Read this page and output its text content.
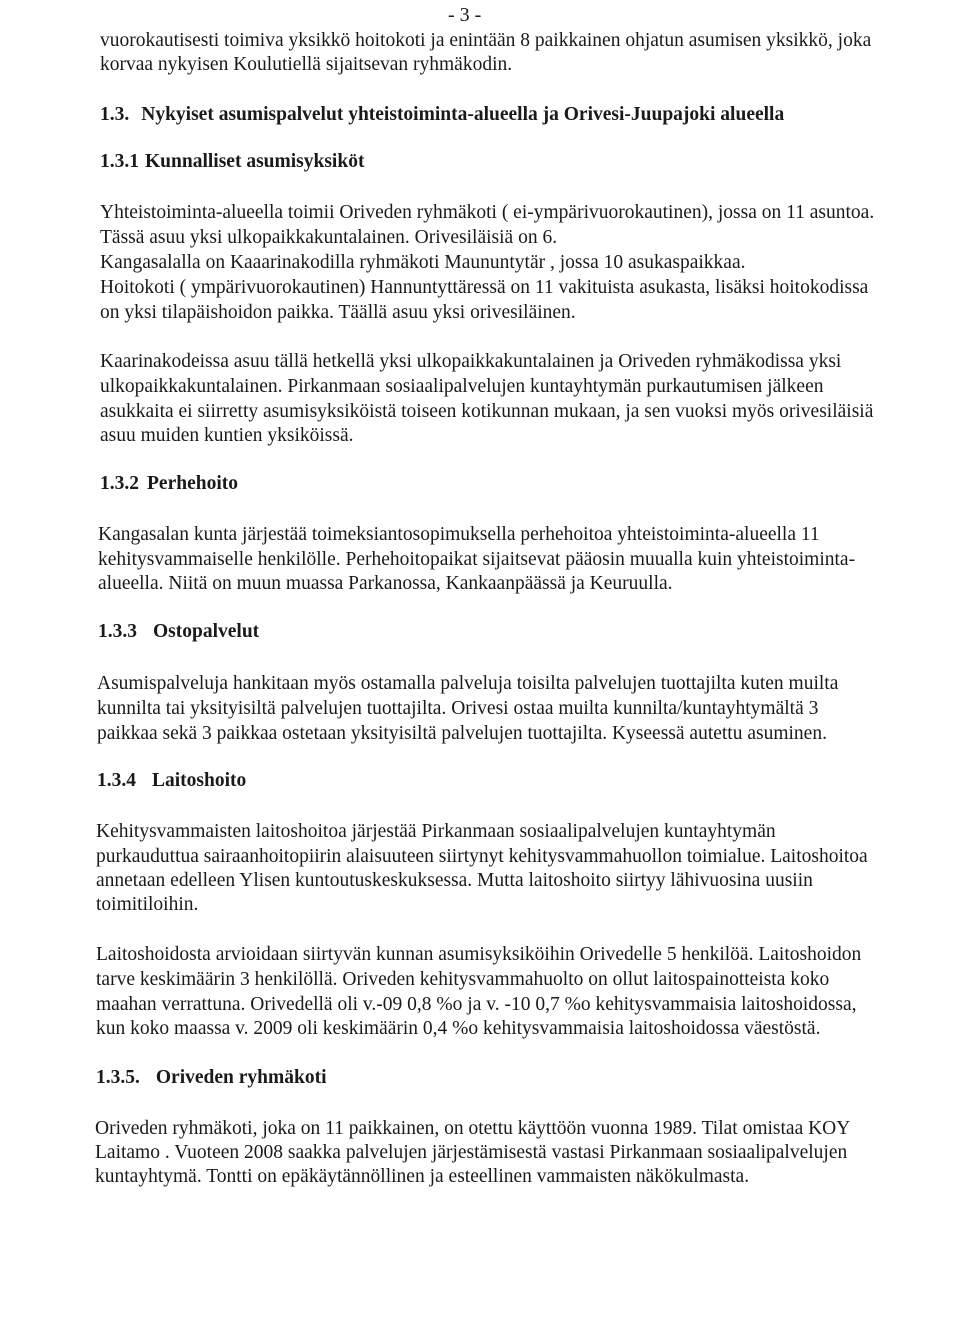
- 3 -
vuorokautisesti toimiva yksikkö hoitokoti ja enintään 8 paikkainen ohjatun asumisen yksikkö, joka
korvaa nykyisen Koulutiellä sijaitsevan ryhmäkodin.
1.3. Nykyiset asumispalvelut yhteistoiminta-alueella ja Orivesi-Juupajoki alueella
1.3.1 Kunnalliset asumisyksiköt
Yhteistoiminta-alueella toimii Oriveden ryhmäkoti ( ei-ympärivuorokautinen), jossa on 11 asuntoa.
Tässä asuu yksi ulkopaikkakuntalainen. Orivesiläisiä on 6.
Kangasalalla on Kaaarinakodilla ryhmäkoti Maununtytär , jossa 10 asukaspaikkaa.
Hoitokoti ( ympärivuorokautinen) Hannuntyttäressä on 11 vakituista asukasta, lisäksi hoitokodissa
on yksi tilapäishoidon paikka. Täällä asuu yksi orivesiläinen.
Kaarinakodeissa asuu tällä hetkellä yksi ulkopaikkakuntalainen ja Oriveden ryhmäkodissa yksi
ulkopaikkakuntalainen. Pirkanmaan sosiaalipalvelujen kuntayhtymän purkautumisen jälkeen
asukkaita ei siirretty asumisyksiköistä toiseen kotikunnan mukaan, ja sen vuoksi myös orivesiläisiä
asuu muiden kuntien yksiköissä.
1.3.2 Perhehoito
Kangasalan kunta järjestää toimeksiantosopimuksella perhehoitoa yhteistoiminta-alueella 11
kehitysvammaiselle henkilölle. Perhehoitopaikat sijaitsevat pääosin muualla kuin yhteistoiminta-
alueella. Niitä on muun muassa Parkanossa, Kankaanpäässä ja Keuruulla.
1.3.3 Ostopalvelut
Asumispalveluja hankitaan myös ostamalla palveluja toisilta palvelujen tuottajilta kuten muilta
kunnilta tai yksityisiltä palvelujen tuottajilta. Orivesi ostaa muilta kunnilta/kuntayhtymältä 3
paikkaa sekä 3 paikkaa ostetaan yksityisiltä palvelujen tuottajilta. Kyseessä autettu asuminen.
1.3.4 Laitoshoito
Kehitysvammaisten laitoshoitoa järjestää Pirkanmaan sosiaalipalvelujen kuntayhtymän
purkauduttua sairaanhoitopiirin alaisuuteen siirtynyt kehitysvammahuollon toimialue. Laitoshoitoa
annetaan edelleen Ylisen kuntoutuskeskuksessa. Mutta laitoshoito siirtyy lähivuosina uusiin
toimitiloihin.
Laitoshoidosta arvioidaan siirtyvän kunnan asumisyksiköihin Orivedelle 5 henkilöä. Laitoshoidon
tarve keskimäärin 3 henkilöllä. Oriveden kehitysvammahuolto on ollut laitospainotteista koko
maahan verrattuna. Orivedellä oli v.-09 0,8 %o ja v. -10 0,7 %o kehitysvammaisia laitoshoidossa,
kun koko maassa v. 2009 oli keskimäärin 0,4 %o kehitysvammaisia laitoshoidossa väestöstä.
1.3.5. Oriveden ryhmäkoti
Oriveden ryhmäkoti, joka on 11 paikkainen, on otettu käyttöön vuonna 1989. Tilat omistaa KOY
Laitamo . Vuoteen 2008 saakka palvelujen järjestämisestä vastasi Pirkanmaan sosiaalipalvelujen
kuntayhtymä. Tontti on epäkäytännöllinen ja esteellinen vammaisten näkökulmasta.
